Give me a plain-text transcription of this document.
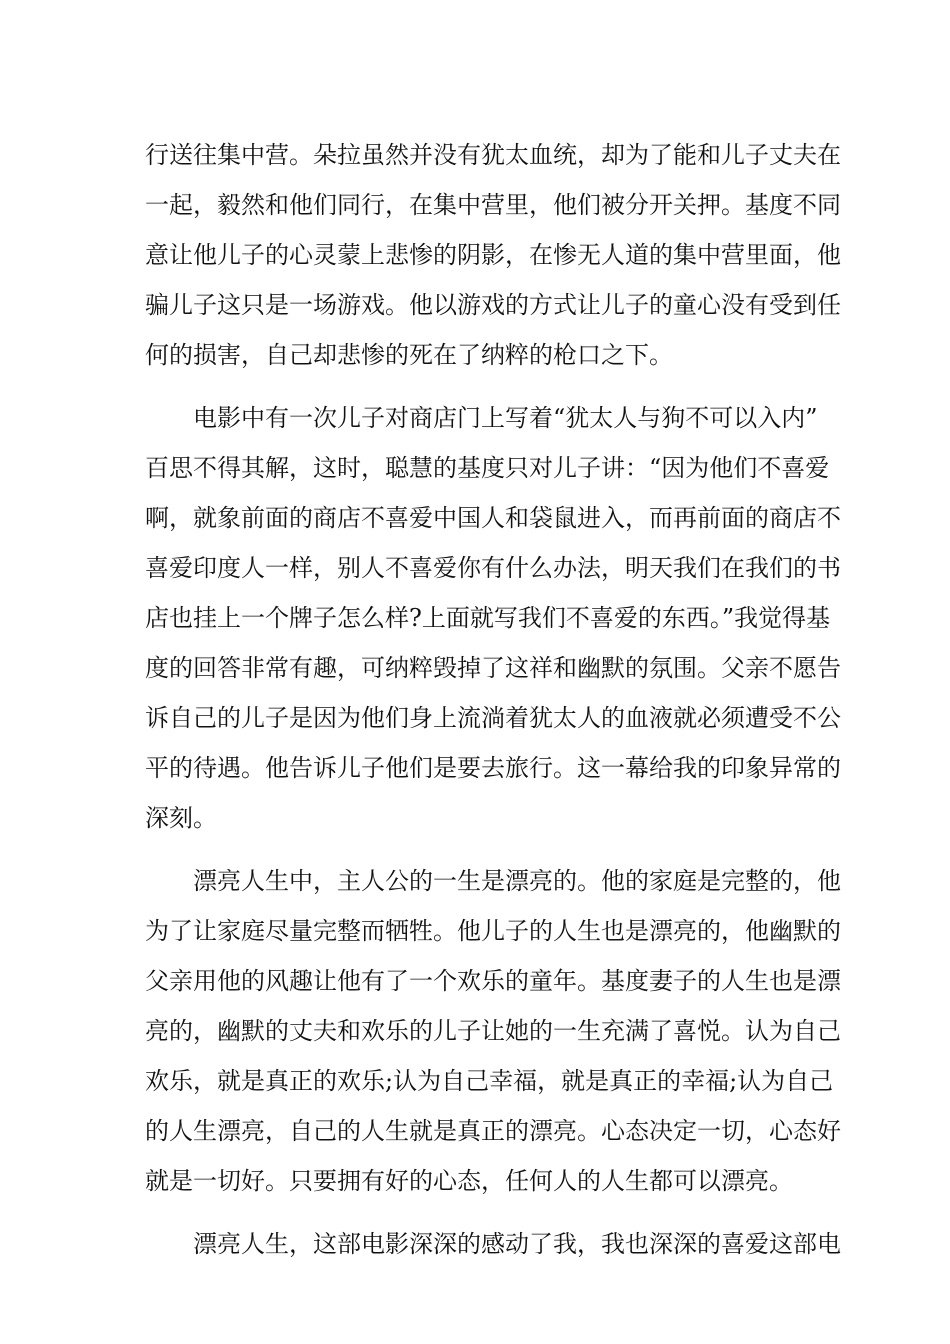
行送往集中营。朵拉虽然并没有犹太血统，却为了能和儿子丈夫在
一起，毅然和他们同行，在集中营里，他们被分开关押。基度不同
意让他儿子的心灵蒙上悲惨的阴影，在惨无人道的集中营里面，他
骗儿子这只是一场游戏。他以游戏的方式让儿子的童心没有受到任
何的损害，自己却悲惨的死在了纳粹的枪口之下。
电影中有一次儿子对商店门上写着“犹太人与狗不可以入内”
百思不得其解，这时，聪慧的基度只对儿子讲：“因为他们不喜爱
啊，就象前面的商店不喜爱中国人和袋鼠进入，而再前面的商店不
喜爱印度人一样，别人不喜爱你有什么办法，明天我们在我们的书
店也挂上一个牌子怎么样?上面就写我们不喜爱的东西。”我觉得基
度的回答非常有趣，可纳粹毁掉了这祥和幽默的氛围。父亲不愿告
诉自己的儿子是因为他们身上流淌着犹太人的血液就必须遭受不公
平的待遇。他告诉儿子他们是要去旅行。这一幕给我的印象异常的
深刻。
漂亮人生中，主人公的一生是漂亮的。他的家庭是完整的，他
为了让家庭尽量完整而牺牲。他儿子的人生也是漂亮的，他幽默的
父亲用他的风趣让他有了一个欢乐的童年。基度妻子的人生也是漂
亮的，幽默的丈夫和欢乐的儿子让她的一生充满了喜悦。认为自己
欢乐，就是真正的欢乐;认为自己幸福，就是真正的幸福;认为自己
的人生漂亮，自己的人生就是真正的漂亮。心态决定一切，心态好
就是一切好。只要拥有好的心态，任何人的人生都可以漂亮。
漂亮人生，这部电影深深的感动了我，我也深深的喜爱这部电
